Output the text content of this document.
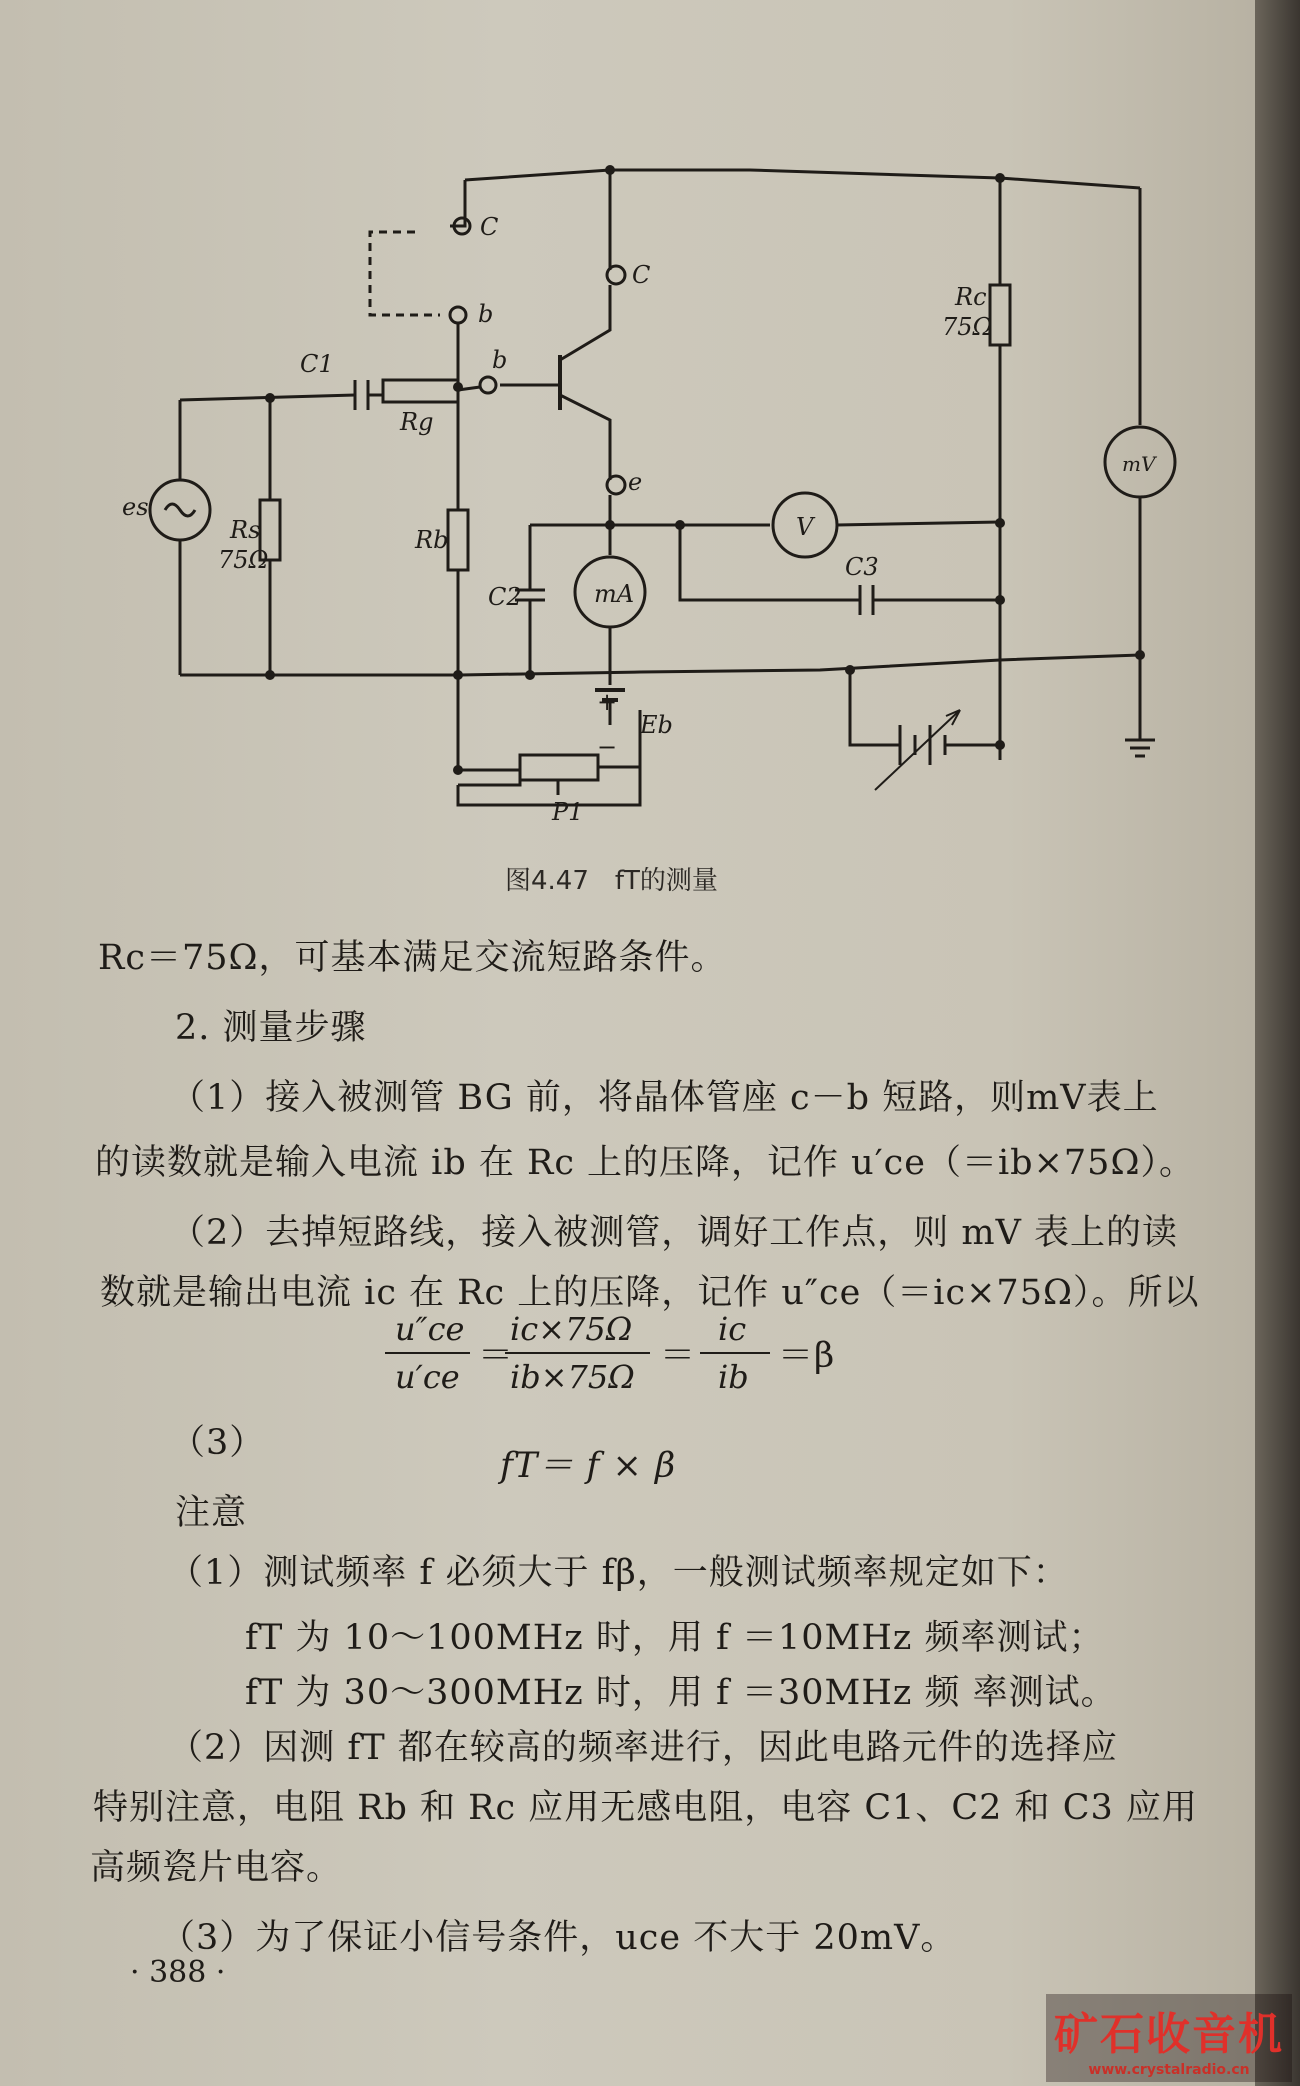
C
b
C
b
e
C1
Rg
Rs
75Ω
es
Rb
C2	mA
V
C3
Rc
75Ω
mV
Eb
P1
+
−
图4.47　fT的测量
Rc＝75Ω，可基本满足交流短路条件。
2. 测量步骤
（1）接入被测管 BG 前，将晶体管座 c－b 短路，则mV表上
的读数就是输入电流 ib 在 Rc 上的压降，记作 u′ce（＝ib×75Ω）。
（2）去掉短路线，接入被测管，调好工作点，则 mV 表上的读
数就是输出电流 ic 在 Rc 上的压降，记作 u″ce（＝ic×75Ω）。所以
u″ce
u′ce
＝
ic×75Ω
ib×75Ω
＝
ic
ib
＝β
（3）
fT＝ f × β
注意
（1）测试频率 f 必须大于 fβ，一般测试频率规定如下：
fT 为 10～100MHz 时，用 f ＝10MHz 频率测试；
fT 为 30～300MHz 时，用 f ＝30MHz 频 率测试。
（2）因测 fT 都在较高的频率进行，因此电路元件的选择应
特别注意，电阻 Rb 和 Rc 应用无感电阻，电容 C1、C2 和 C3 应用
高频瓷片电容。
（3）为了保证小信号条件，uce 不大于 20mV。
· 388 ·
矿石收音机
www.crystalradio.cn
